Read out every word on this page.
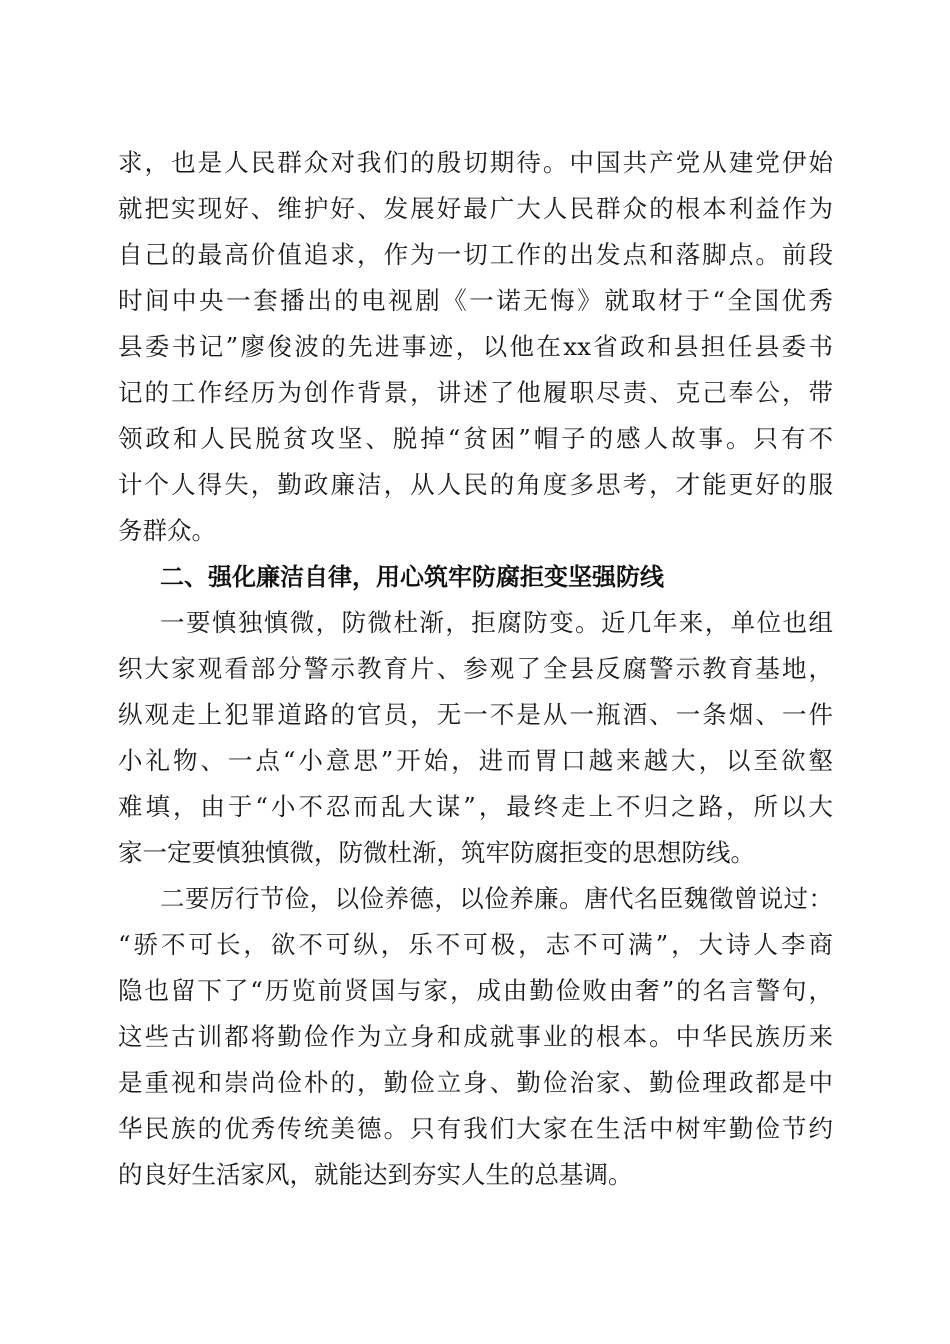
求，也是人民群众对我们的殷切期待。中国共产党从建党伊始
就把实现好、维护好、发展好最广大人民群众的根本利益作为
自己的最高价值追求，作为一切工作的出发点和落脚点。前段
时间中央一套播出的电视剧《一诺无悔》就取材于“全国优秀
县委书记”廖俊波的先进事迹，以他在xx省政和县担任县委书
记的工作经历为创作背景，讲述了他履职尽责、克己奉公，带
领政和人民脱贫攻坚、脱掉“贫困”帽子的感人故事。只有不
计个人得失，勤政廉洁，从人民的角度多思考，才能更好的服
务群众。
二、强化廉洁自律，用心筑牢防腐拒变坚强防线
一要慎独慎微，防微杜渐，拒腐防变。近几年来，单位也组
织大家观看部分警示教育片、参观了全县反腐警示教育基地，
纵观走上犯罪道路的官员，无一不是从一瓶酒、一条烟、一件
小礼物、一点“小意思”开始，进而胃口越来越大，以至欲壑
难填，由于“小不忍而乱大谋”，最终走上不归之路，所以大
家一定要慎独慎微，防微杜渐，筑牢防腐拒变的思想防线。
二要厉行节俭，以俭养德，以俭养廉。唐代名臣魏徵曾说过：
“骄不可长，欲不可纵，乐不可极，志不可满”，大诗人李商
隐也留下了“历览前贤国与家，成由勤俭败由奢”的名言警句，
这些古训都将勤俭作为立身和成就事业的根本。中华民族历来
是重视和崇尚俭朴的，勤俭立身、勤俭治家、勤俭理政都是中
华民族的优秀传统美德。只有我们大家在生活中树牢勤俭节约
的良好生活家风，就能达到夯实人生的总基调。
